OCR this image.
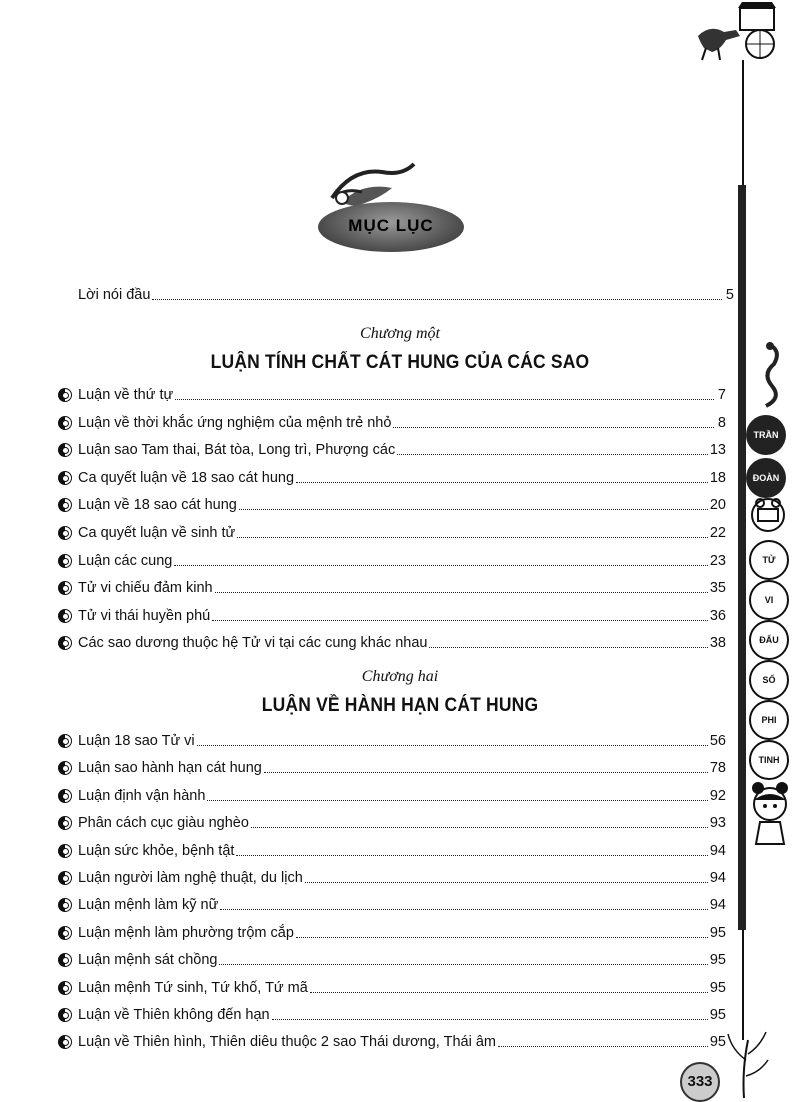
TRẦN
ĐOÀN
TỬ
VI
ĐẨU
SỐ
333
MỤC LỤC
Lời nói đầu	5
Chương một
LUẬN TÍNH CHẤT CÁT HUNG CỦA CÁC SAO
Luận về thứ tự	7
Luận về thời khắc ứng nghiệm của mệnh trẻ nhỏ	8
Luận sao Tam thai, Bát tòa, Long trì, Phượng các	13
Ca quyết luận về 18 sao cát hung	18
Luận về 18 sao cát hung	20
Ca quyết luận về sinh tử	22
Luận các cung	23
Tử vi chiếu đảm kinh	35
Tử vi thái huyền phú	36
Các sao dương thuộc hệ Tử vi tại các cung khác nhau	38
Chương hai
LUẬN VỀ HÀNH HẠN CÁT HUNG
Luận 18 sao Tử vi	56
Luận sao hành hạn cát hung	78
Luận định vận hành	92
Phân cách cục giàu nghèo	93
Luận sức khỏe, bệnh tật	94
Luận người làm nghệ thuật, du lịch	94
Luận mệnh làm kỹ nữ	94
Luận mệnh làm phường trộm cắp	95
Luận mệnh sát chồng	95
Luận mệnh Tứ sinh, Tứ khố, Tứ mã	95
Luận về Thiên không đến hạn	95
Luận về Thiên hình, Thiên diêu thuộc 2 sao Thái dương, Thái âm	95
PHI
TINH
